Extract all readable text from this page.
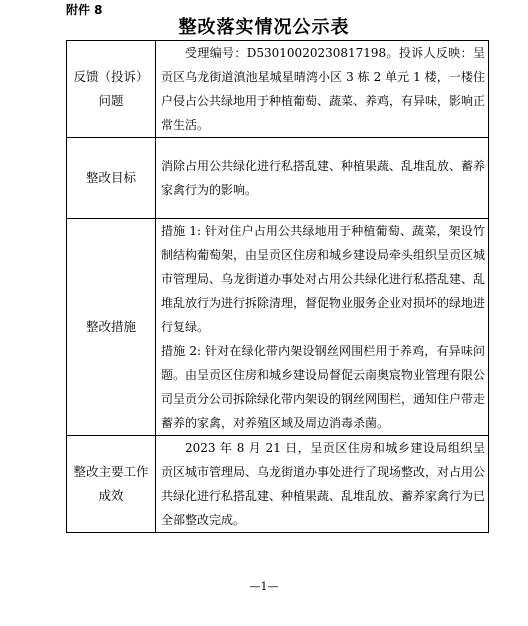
附件 8
整改落实情况公示表
反馈（投诉）问题	受理编号：D53010020230817198。投诉人反映：呈贡区乌龙街道滇池星城星晴湾小区 3 栋 2 单元 1 楼，一楼住户侵占公共绿地用于种植葡萄、蔬菜、养鸡，有异味，影响正常生活。

整改目标	消除占用公共绿化进行私搭乱建、种植果蔬、乱堆乱放、蓄养家禽行为的影响。

整改措施	措施 1: 针对住户占用公共绿地用于种植葡萄、蔬菜，架设竹制结构葡萄架，由呈贡区住房和城乡建设局牵头组织呈贡区城市管理局、乌龙街道办事处对占用公共绿化进行私搭乱建、乱堆乱放行为进行拆除清理，督促物业服务企业对损坏的绿地进行复绿。

措施 2: 针对在绿化带内架设钢丝网围栏用于养鸡，有异味问题。由呈贡区住房和城乡建设局督促云南奥宸物业管理有限公司呈贡分公司拆除绿化带内架设的钢丝网围栏，通知住户带走蓄养的家禽，对养殖区域及周边消毒杀菌。

整改主要工作成效	2023 年 8 月 21 日，呈贡区住房和城乡建设局组织呈贡区城市管理局、乌龙街道办事处进行了现场整改，对占用公共绿化进行私搭乱建、种植果蔬、乱堆乱放、蓄养家禽行为已全部整改完成。

—1—
